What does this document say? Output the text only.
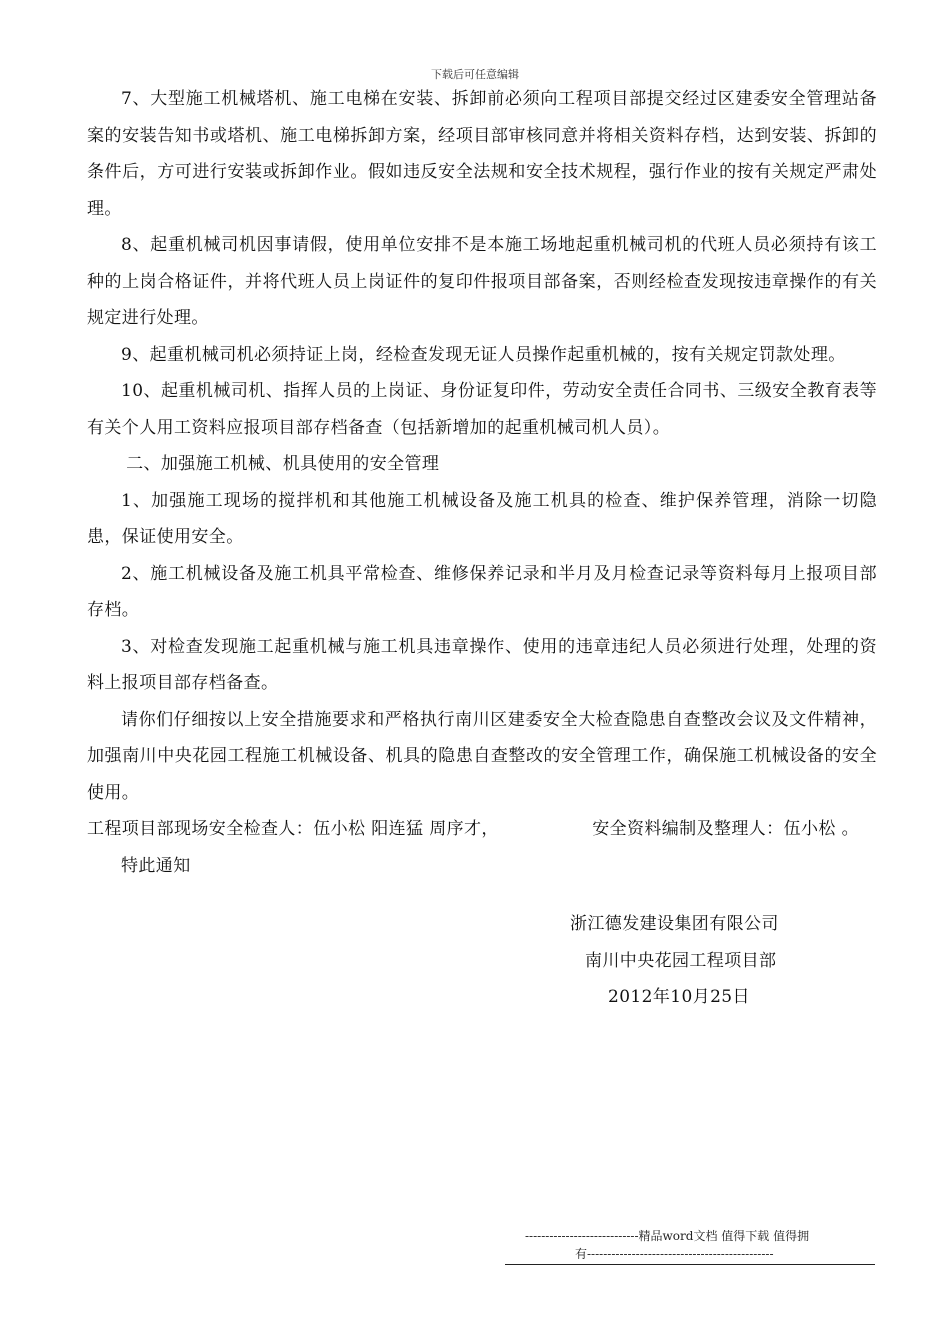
下载后可任意编辑

7、大型施工机械塔机、施工电梯在安装、拆卸前必须向工程项目部提交经过区建委安全管理站备案的安装告知书或塔机、施工电梯拆卸方案，经项目部审核同意并将相关资料存档，达到安装、拆卸的条件后，方可进行安装或拆卸作业。假如违反安全法规和安全技术规程，强行作业的按有关规定严肃处理。

8、起重机械司机因事请假，使用单位安排不是本施工场地起重机械司机的代班人员必须持有该工种的上岗合格证件，并将代班人员上岗证件的复印件报项目部备案，否则经检查发现按违章操作的有关规定进行处理。

9、起重机械司机必须持证上岗，经检查发现无证人员操作起重机械的，按有关规定罚款处理。

10、起重机械司机、指挥人员的上岗证、身份证复印件，劳动安全责任合同书、三级安全教育表等有关个人用工资料应报项目部存档备查（包括新增加的起重机械司机人员）。

二、加强施工机械、机具使用的安全管理

1、加强施工现场的搅拌机和其他施工机械设备及施工机具的检查、维护保养管理，消除一切隐患，保证使用安全。

2、施工机械设备及施工机具平常检查、维修保养记录和半月及月检查记录等资料每月上报项目部存档。

3、对检查发现施工起重机械与施工机具违章操作、使用的违章违纪人员必须进行处理，处理的资料上报项目部存档备查。

请你们仔细按以上安全措施要求和严格执行南川区建委安全大检查隐患自查整改会议及文件精神，加强南川中央花园工程施工机械设备、机具的隐患自查整改的安全管理工作，确保施工机械设备的安全使用。

工程项目部现场安全检查人：伍小松 阳连猛 周序才，	安全资料编制及整理人：伍小松 。

特此通知

浙江德发建设集团有限公司
南川中央花园工程项目部
2012年10月25日
----------------------------精品word文档 值得下载 值得拥
有----------------------------------------------
